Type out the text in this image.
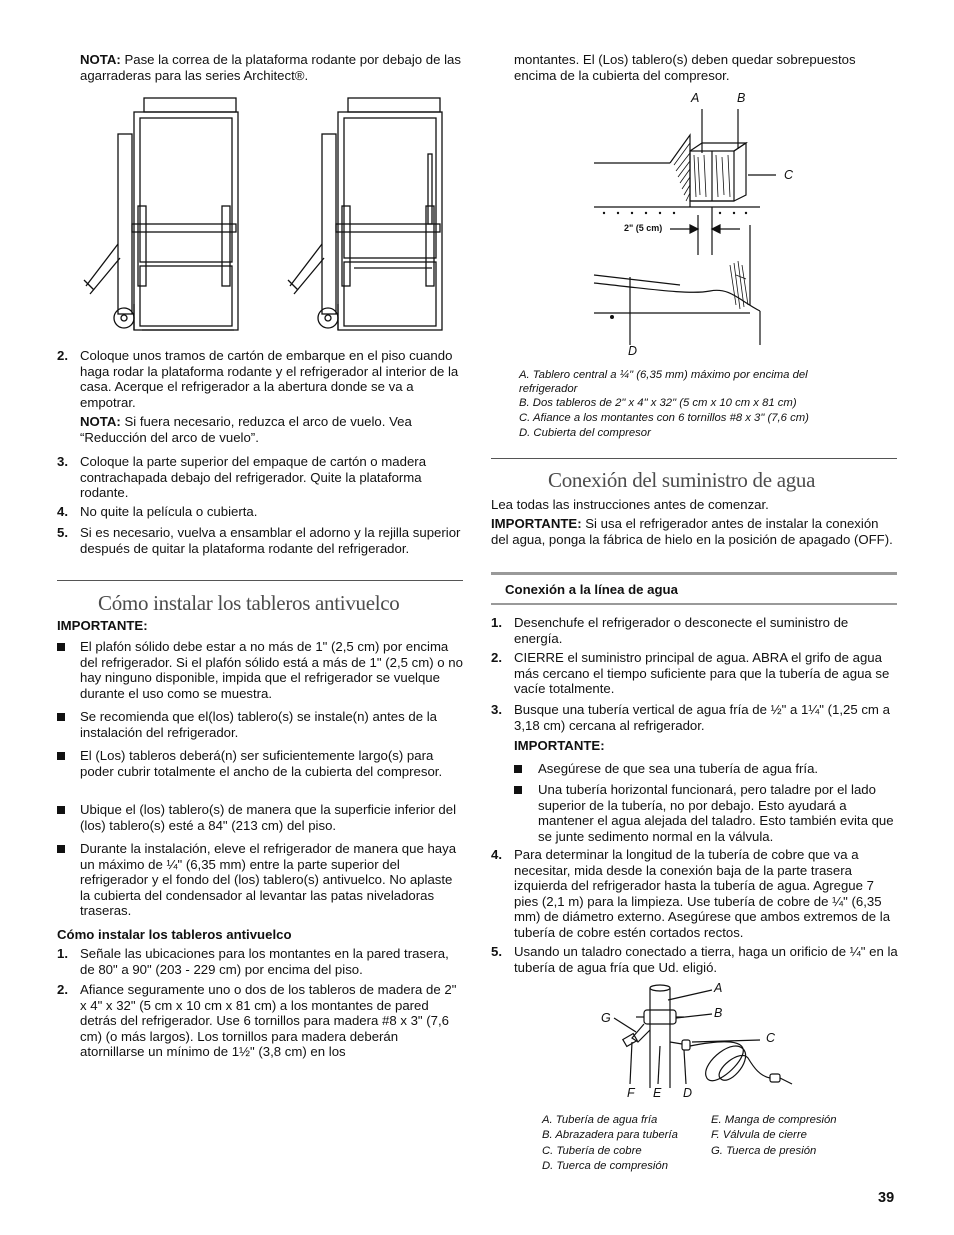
NOTA: Pase la correa de la plataforma rodante por debajo de las agarraderas para las series Architect®.
2. Coloque unos tramos de cartón de embarque en el piso cuando haga rodar la plataforma rodante y el refrigerador al interior de la casa. Acerque el refrigerador a la abertura donde se va a empotrar.
NOTA: Si fuera necesario, reduzca el arco de vuelo. Vea “Reducción del arco de vuelo”.
3. Coloque la parte superior del empaque de cartón o madera contrachapada debajo del refrigerador. Quite la plataforma rodante.
4. No quite la película o cubierta.
5. Si es necesario, vuelva a ensamblar el adorno y la rejilla superior después de quitar la plataforma rodante del refrigerador.
Cómo instalar los tableros antivuelco
IMPORTANTE:
El plafón sólido debe estar a no más de 1" (2,5 cm) por encima del refrigerador. Si el plafón sólido está a más de 1" (2,5 cm) o no hay ninguno disponible, impida que el refrigerador se vuelque durante el uso como se muestra.
Se recomienda que el(los) tablero(s) se instale(n) antes de la instalación del refrigerador.
El (Los) tableros deberá(n) ser suficientemente largo(s) para poder cubrir totalmente el ancho de la cubierta del compresor.
Ubique el (los) tablero(s) de manera que la superficie inferior del (los) tablero(s) esté a 84" (213 cm) del piso.
Durante la instalación, eleve el refrigerador de manera que haya un máximo de ¼" (6,35 mm) entre la parte superior del refrigerador y el fondo del (los) tablero(s) antivuelco. No aplaste la cubierta del condensador al levantar las patas niveladoras traseras.
Cómo instalar los tableros antivuelco
1. Señale las ubicaciones para los montantes en la pared trasera, de 80" a 90" (203 - 229 cm) por encima del piso.
2. Afiance seguramente uno o dos de los tableros de madera de 2" x 4" x 32" (5 cm x 10 cm x 81 cm) a los montantes de pared detrás del refrigerador. Use 6 tornillos para madera #8 x 3" (7,6 cm) (o más largos). Los tornillos para madera deberán atornillarse un mínimo de 1½" (3,8 cm) en los
montantes. El (Los) tablero(s) deben quedar sobrepuestos encima de la cubierta del compresor.
A	B
C
D
2" (5 cm)
A. Tablero central a ¼" (6,35 mm) máximo por encima del refrigerador
B. Dos tableros de 2" x 4" x 32" (5 cm x 10 cm x 81 cm)
C. Afiance a los montantes con 6 tornillos #8 x 3" (7,6 cm)
D. Cubierta del compresor
Conexión del suministro de agua
Lea todas las instrucciones antes de comenzar.
IMPORTANTE: Si usa el refrigerador antes de instalar la conexión del agua, ponga la fábrica de hielo en la posición de apagado (OFF).
Conexión a la línea de agua
1. Desenchufe el refrigerador o desconecte el suministro de energía.
2. CIERRE el suministro principal de agua. ABRA el grifo de agua más cercano el tiempo suficiente para que la tubería de agua se vacíe totalmente.
3. Busque una tubería vertical de agua fría de ½" a 1¼" (1,25 cm a 3,18 cm) cercana al refrigerador.
IMPORTANTE:
Asegúrese de que sea una tubería de agua fría.
Una tubería horizontal funcionará, pero taladre por el lado superior de la tubería, no por debajo. Esto ayudará a mantener el agua alejada del taladro. Esto también evita que se junte sedimento normal en la válvula.
4. Para determinar la longitud de la tubería de cobre que va a necesitar, mida desde la conexión baja de la parte trasera izquierda del refrigerador hasta la tubería de agua. Agregue 7 pies (2,1 m) para la limpieza. Use tubería de cobre de ¼" (6,35 mm) de diámetro externo. Asegúrese que ambos extremos de la tubería de cobre estén cortados rectos.
5. Usando un taladro conectado a tierra, haga un orificio de ¼" en la tubería de agua fría que Ud. eligió.
A
B
C
D
E
F
G
A. Tubería de agua fría
B. Abrazadera para tubería
C. Tubería de cobre
D. Tuerca de compresión
E. Manga de compresión
F. Válvula de cierre
G. Tuerca de presión
39
